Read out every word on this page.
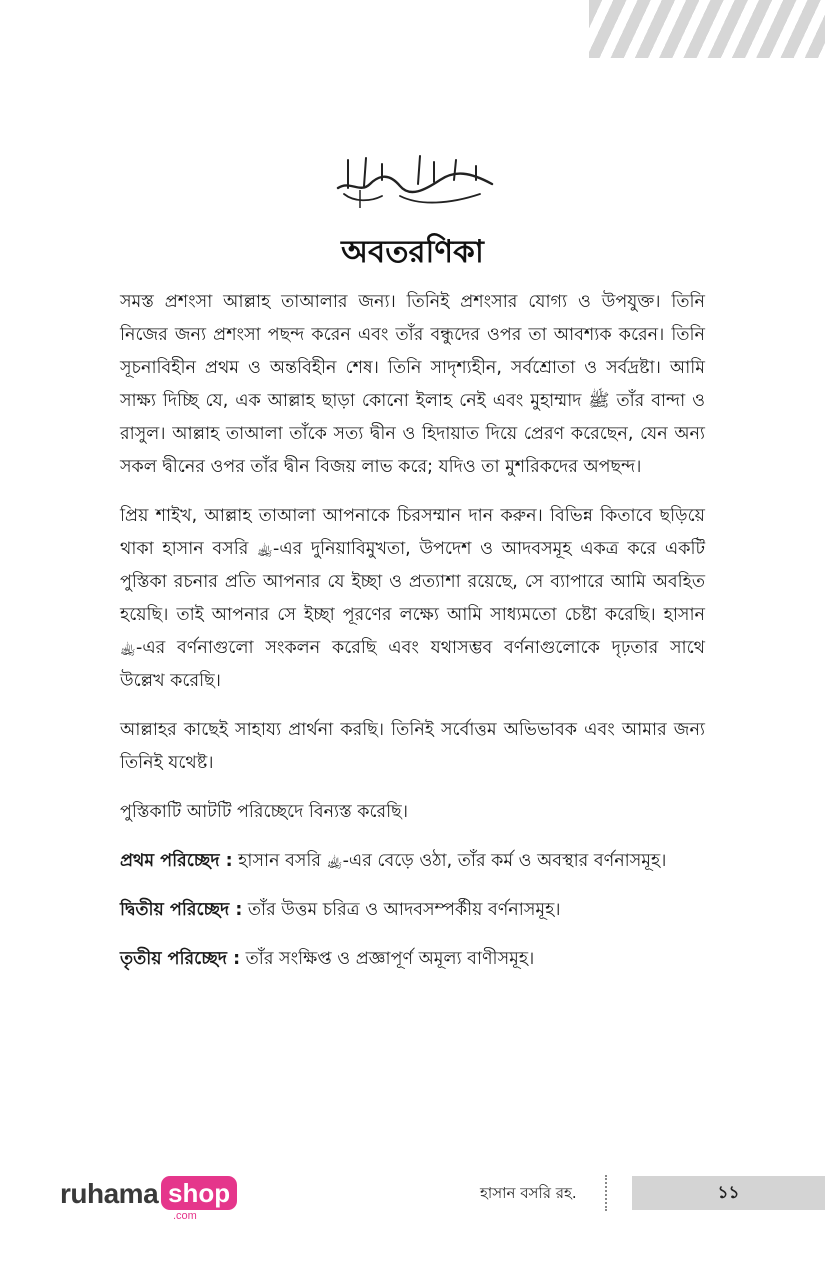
অবতরণিকা

সমস্ত প্রশংসা আল্লাহ তাআলার জন্য। তিনিই প্রশংসার যোগ্য ও উপযুক্ত। তিনি নিজের জন্য প্রশংসা পছন্দ করেন এবং তাঁর বন্ধুদের ওপর তা আবশ্যক করেন। তিনি সূচনাবিহীন প্রথম ও অন্তবিহীন শেষ। তিনি সাদৃশ্যহীন, সর্বশ্রোতা ও সর্বদ্রষ্টা। আমি সাক্ষ্য দিচ্ছি যে, এক আল্লাহ ছাড়া কোনো ইলাহ নেই এবং মুহাম্মাদ ﷺ তাঁর বান্দা ও রাসুল। আল্লাহ তাআলা তাঁকে সত্য দ্বীন ও হিদায়াত দিয়ে প্রেরণ করেছেন, যেন অন্য সকল দ্বীনের ওপর তাঁর দ্বীন বিজয় লাভ করে; যদিও তা মুশরিকদের অপছন্দ।

প্রিয় শাইখ, আল্লাহ তাআলা আপনাকে চিরসম্মান দান করুন। বিভিন্ন কিতাবে ছড়িয়ে থাকা হাসান বসরি ﵀-এর দুনিয়াবিমুখতা, উপদেশ ও আদবসমূহ একত্র করে একটি পুস্তিকা রচনার প্রতি আপনার যে ইচ্ছা ও প্রত্যাশা রয়েছে, সে ব্যাপারে আমি অবহিত হয়েছি। তাই আপনার সে ইচ্ছা পূরণের লক্ষ্যে আমি সাধ্যমতো চেষ্টা করেছি। হাসান ﵀-এর বর্ণনাগুলো সংকলন করেছি এবং যথাসম্ভব বর্ণনাগুলোকে দৃঢ়তার সাথে উল্লেখ করেছি।

আল্লাহর কাছেই সাহায্য প্রার্থনা করছি। তিনিই সর্বোত্তম অভিভাবক এবং আমার জন্য তিনিই যথেষ্ট।

পুস্তিকাটি আটটি পরিচ্ছেদে বিন্যস্ত করেছি।

প্রথম পরিচ্ছেদ : হাসান বসরি ﵀-এর বেড়ে ওঠা, তাঁর কর্ম ও অবস্থার বর্ণনাসমূহ।

দ্বিতীয় পরিচ্ছেদ : তাঁর উত্তম চরিত্র ও আদবসম্পর্কীয় বর্ণনাসমূহ।

তৃতীয় পরিচ্ছেদ : তাঁর সংক্ষিপ্ত ও প্রজ্ঞাপূর্ণ অমূল্য বাণীসমূহ।

ruhama shop
.com
হাসান বসরি রহ.	১১
